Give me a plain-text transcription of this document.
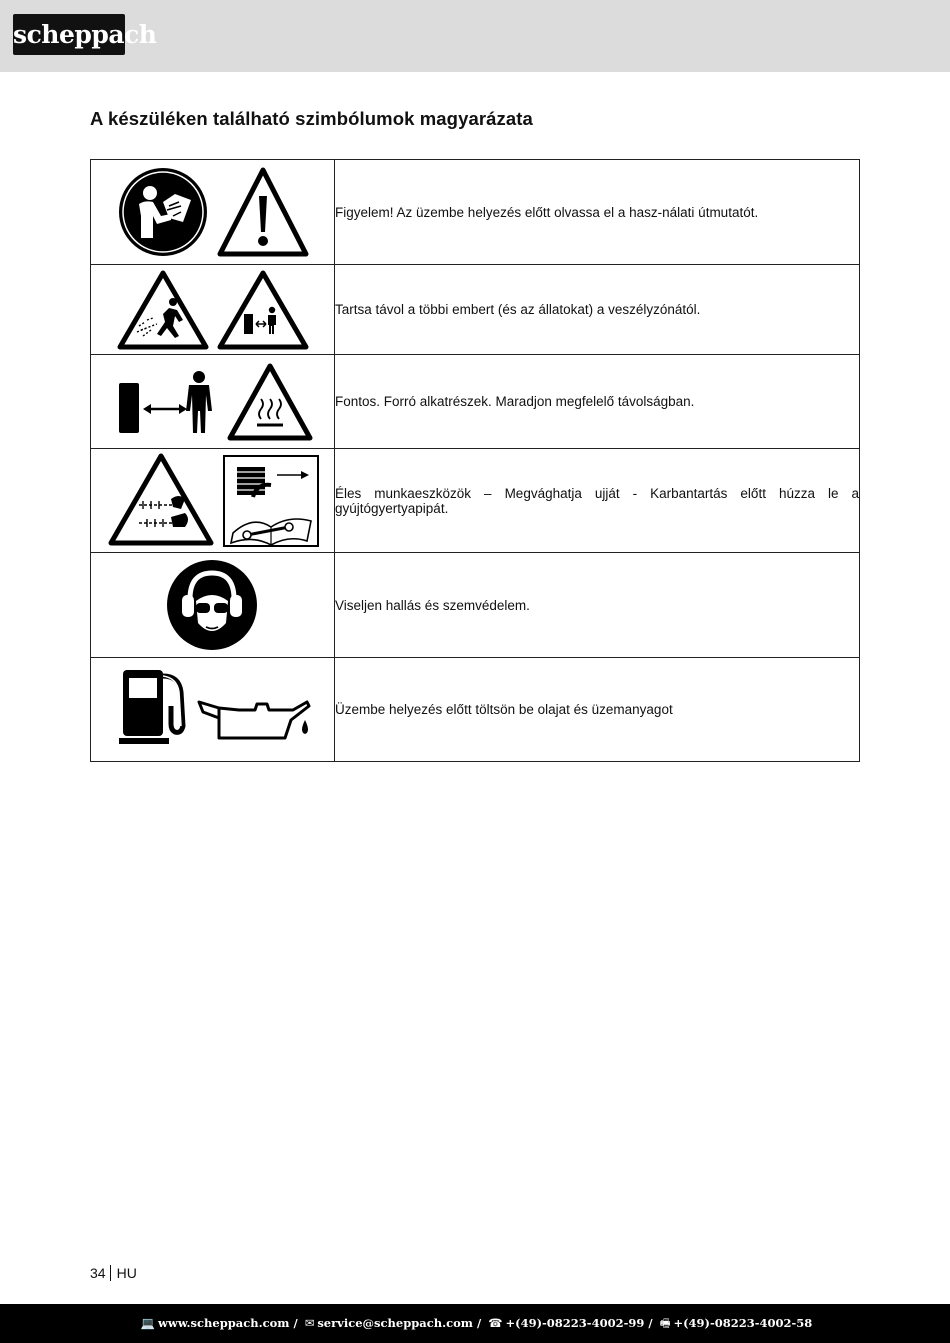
scheppach
A készüléken található szimbólumok magyarázata
	Figyelem! Az üzembe helyezés előtt olvassa el a hasz-nálati útmutatót.

	Tartsa távol a többi embert (és az állatokat) a veszélyzónától.

	Fontos. Forró alkatrészek. Maradjon megfelelő távolságban.

	Éles munkaeszközök – Megvághatja ujját - Karbantartás előtt húzza le a gyújtógyertyapipát.

	Viseljen hallás és szemvédelem.

	Üzembe helyezés előtt töltsön be olajat és üzemanyagot
34 HU
💻 www.scheppach.com / ✉ service@scheppach.com / ☎ +(49)-08223-4002-99 / 🖷 +(49)-08223-4002-58
